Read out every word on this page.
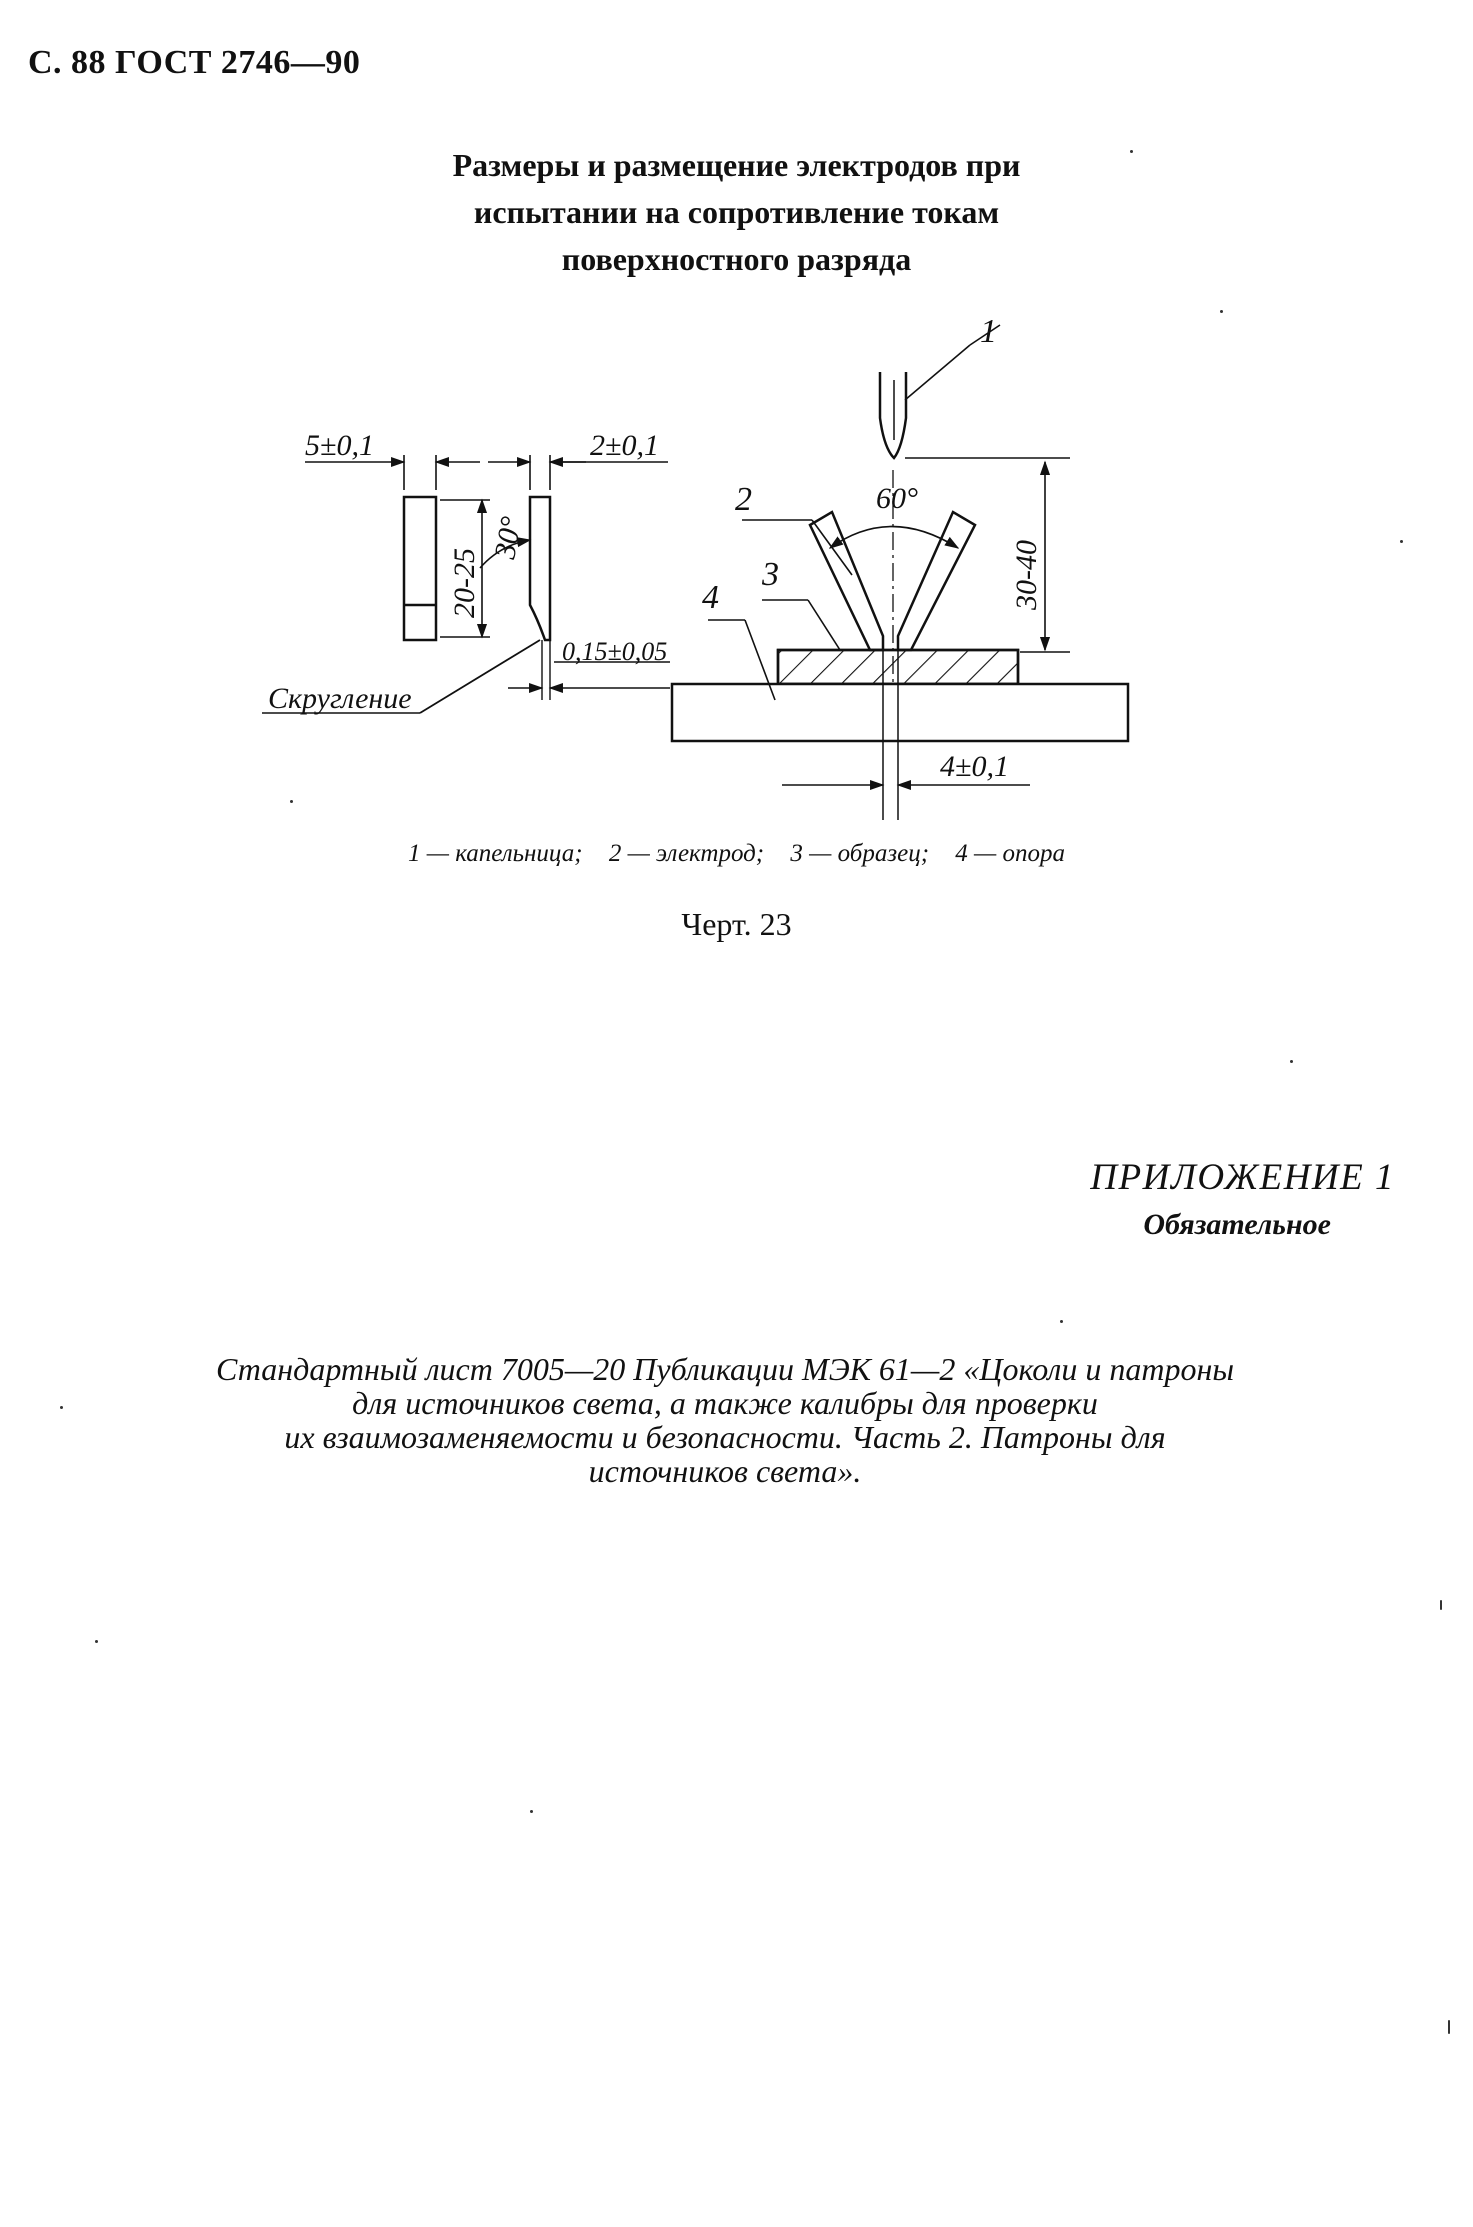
С. 88 ГОСТ 2746—90
Размеры и размещение электродов при
испытании на сопротивление токам
поверхностного разряда
5±0,1	2±0,1
20-25
30°
0,15±0,05
Скругление
60°
30-40
4±0,1
1
2
3
4
1 — капельница; 2 — электрод; 3 — образец; 4 — опора
Черт. 23
ПРИЛОЖЕНИЕ 1
Обязательное
Стандартный лист 7005—20 Публикации МЭК 61—2 «Цоколи и патроны
для источников света, а также калибры для проверки
их взаимозаменяемости и безопасности. Часть 2. Патроны для
источников света».
